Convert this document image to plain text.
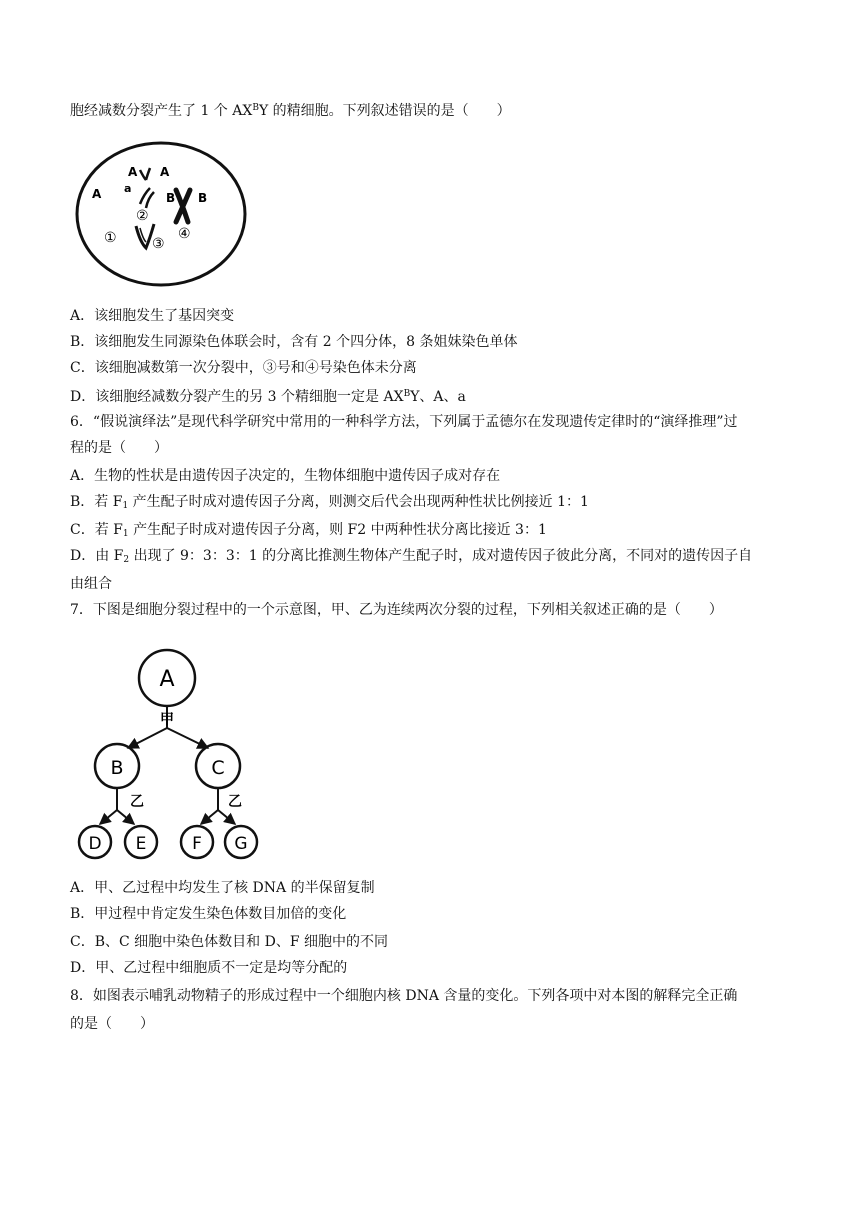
胞经减数分裂产生了 1 个 $AX^BY$ 的精细胞。下列叙述错误的是（　　）
A A
a
A	B B
①
②
③
④
A．该细胞发生了基因突变
B．该细胞发生同源染色体联会时，含有 2 个四分体，8 条姐妹染色单体
C．该细胞减数第一次分裂中，③号和④号染色体未分离
D．该细胞经减数分裂产生的另 3 个精细胞一定是 $AX^BY$、A、a
6．“假说演绎法”是现代科学研究中常用的一种科学方法，下列属于孟德尔在发现遗传定律时的“演绎推理”过
程的是（　　）
A．生物的性状是由遗传因子决定的，生物体细胞中遗传因子成对存在
B．若 $F_1$ 产生配子时成对遗传因子分离，则测交后代会出现两种性状比例接近 1：1
C．若 $F_1$ 产生配子时成对遗传因子分离，则 F2 中两种性状分离比接近 3：1
D．由 $F_2$ 出现了 9：3：3：1 的分离比推测生物体产生配子时，成对遗传因子彼此分离，不同对的遗传因子自
由组合
7．下图是细胞分裂过程中的一个示意图，甲、乙为连续两次分裂的过程，下列相关叙述正确的是（　　）
A
甲
B	C
乙	乙
D E	F G
A．甲、乙过程中均发生了核 DNA 的半保留复制
B．甲过程中肯定发生染色体数目加倍的变化
C．B、C 细胞中染色体数目和 D、F 细胞中的不同
D．甲、乙过程中细胞质不一定是均等分配的
8．如图表示哺乳动物精子的形成过程中一个细胞内核 DNA 含量的变化。下列各项中对本图的解释完全正确
的是（　　）
